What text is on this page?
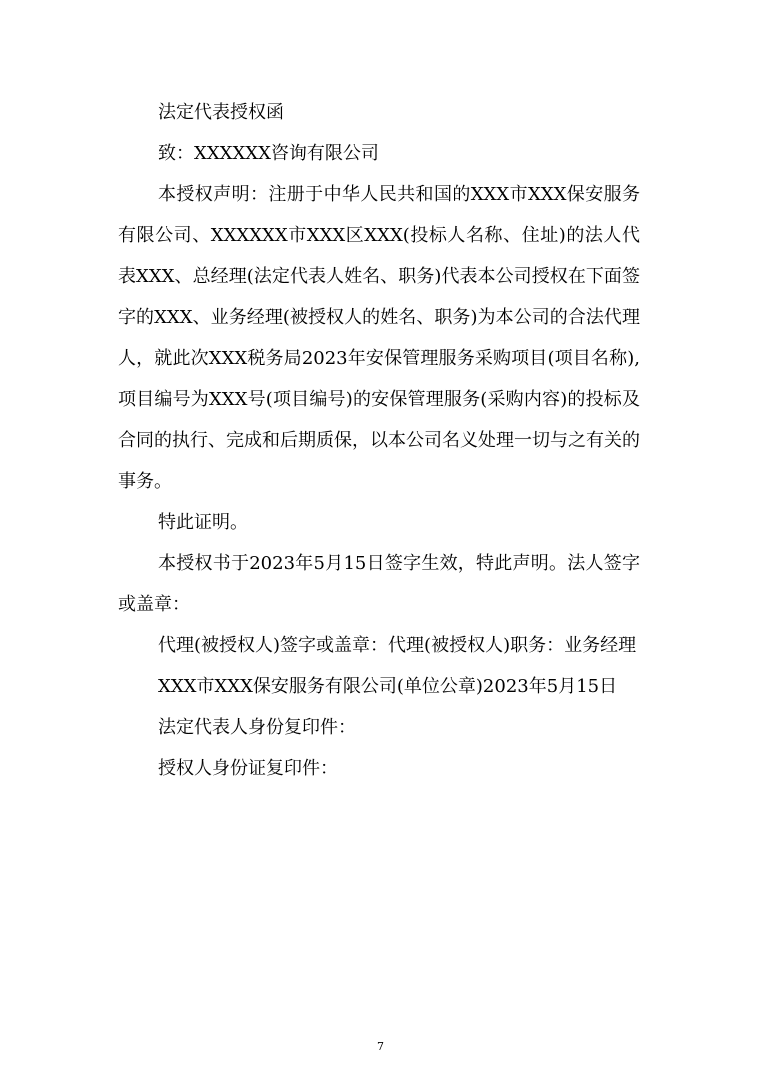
法定代表授权函

致：XXXXXX咨询有限公司

本授权声明：注册于中华人民共和国的XXX市XXX保安服务有限公司、XXXXXX市XXX区XXX(投标人名称、住址)的法人代表XXX、总经理(法定代表人姓名、职务)代表本公司授权在下面签字的XXX、业务经理(被授权人的姓名、职务)为本公司的合法代理人，就此次XXX税务局2023年安保管理服务采购项目(项目名称),项目编号为XXX号(项目编号)的安保管理服务(采购内容)的投标及合同的执行、完成和后期质保，以本公司名义处理一切与之有关的事务。

特此证明。

本授权书于2023年5月15日签字生效，特此声明。法人签字或盖章：

代理(被授权人)签字或盖章：代理(被授权人)职务：业务经理

XXX市XXX保安服务有限公司(单位公章)2023年5月15日

法定代表人身份复印件：

授权人身份证复印件：

7
